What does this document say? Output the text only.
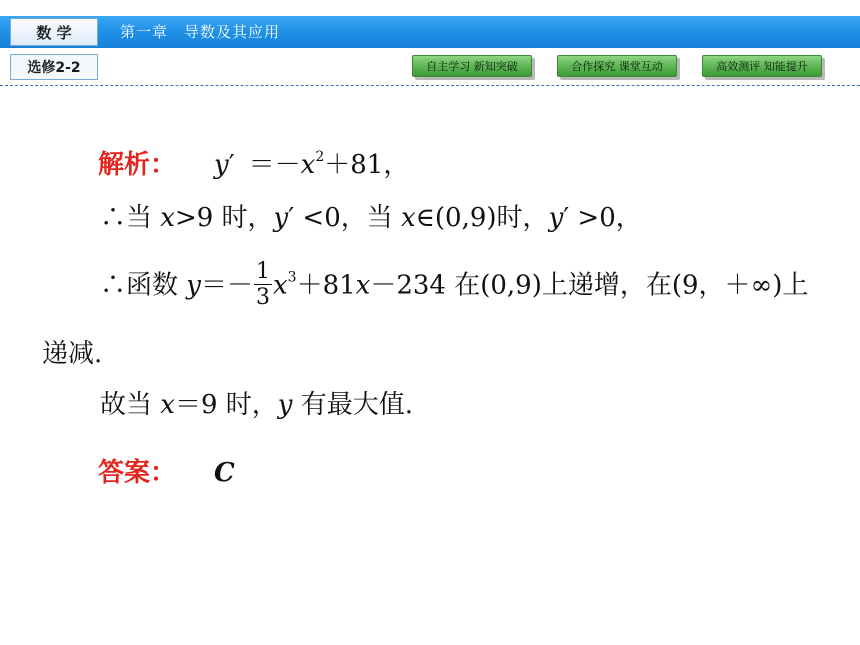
数 学	第一章　导数及其应用
选修2-2	自主学习 新知突破	合作探究 课堂互动	高效测评 知能提升
解析： $y' =-x^2+81$，
∴当 x>9 时，y′ <0，当 x∈(0,9)时，y′ >0，
∴函数 $y=- \frac{1}{3} x^3+81x-234$ 在(0,9)上递增，在(9，＋∞)上
递减.
故当 x＝9 时，y 有最大值.
答案： C
